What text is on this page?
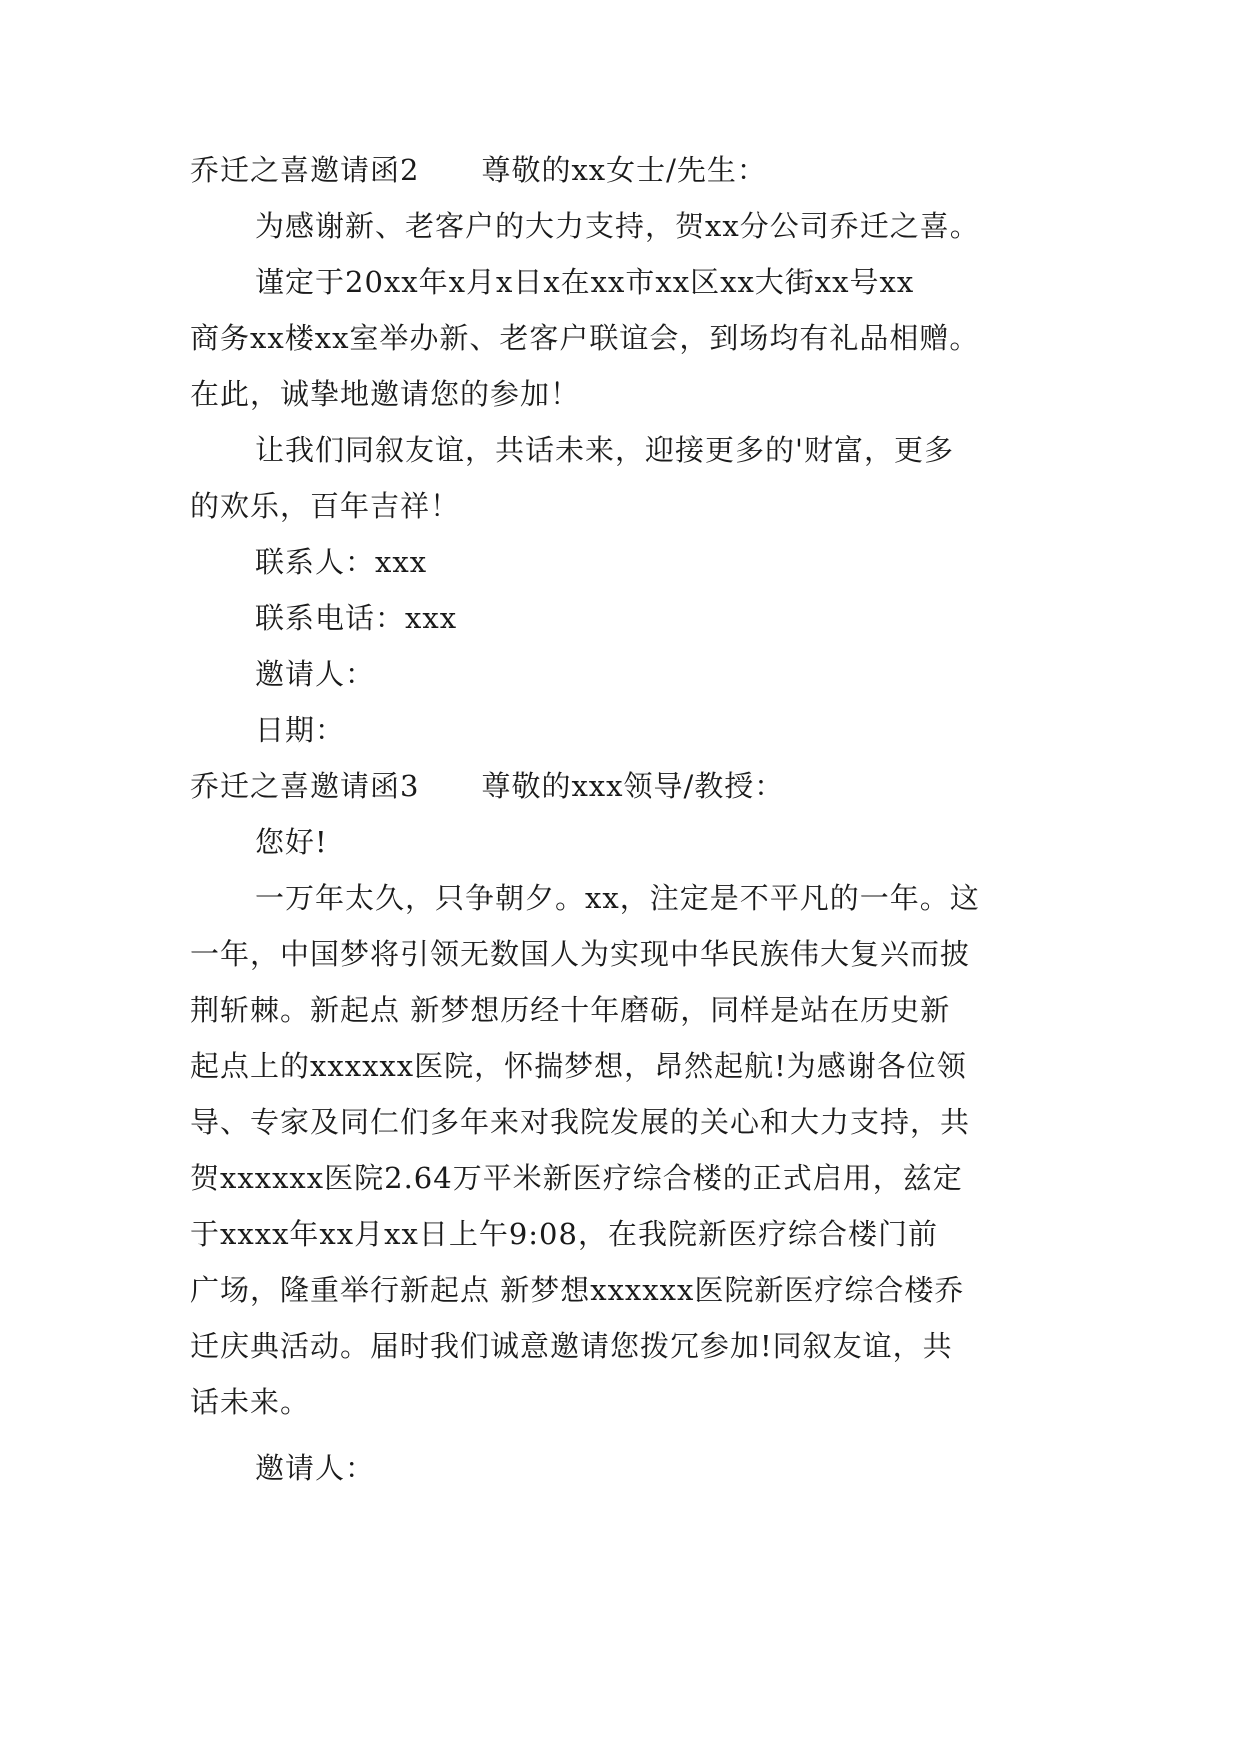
乔迁之喜邀请函2 尊敬的xx女士/先生：
为感谢新、老客户的大力支持，贺xx分公司乔迁之喜。
谨定于20xx年x月x日x在xx市xx区xx大街xx号xx
商务xx楼xx室举办新、老客户联谊会，到场均有礼品相赠。
在此，诚挚地邀请您的参加！
让我们同叙友谊，共话未来，迎接更多的'财富，更多
的欢乐，百年吉祥！
联系人：xxx
联系电话：xxx
邀请人：
日期：
乔迁之喜邀请函3 尊敬的xxx领导/教授：
您好!
一万年太久，只争朝夕。xx，注定是不平凡的一年。这
一年，中国梦将引领无数国人为实现中华民族伟大复兴而披
荆斩棘。新起点 新梦想历经十年磨砺，同样是站在历史新
起点上的xxxxxx医院，怀揣梦想，昂然起航!为感谢各位领
导、专家及同仁们多年来对我院发展的关心和大力支持，共
贺xxxxxx医院2.64万平米新医疗综合楼的正式启用，兹定
于xxxx年xx月xx日上午9:08，在我院新医疗综合楼门前
广场，隆重举行新起点 新梦想xxxxxx医院新医疗综合楼乔
迁庆典活动。届时我们诚意邀请您拨冗参加!同叙友谊，共
话未来。
邀请人：
